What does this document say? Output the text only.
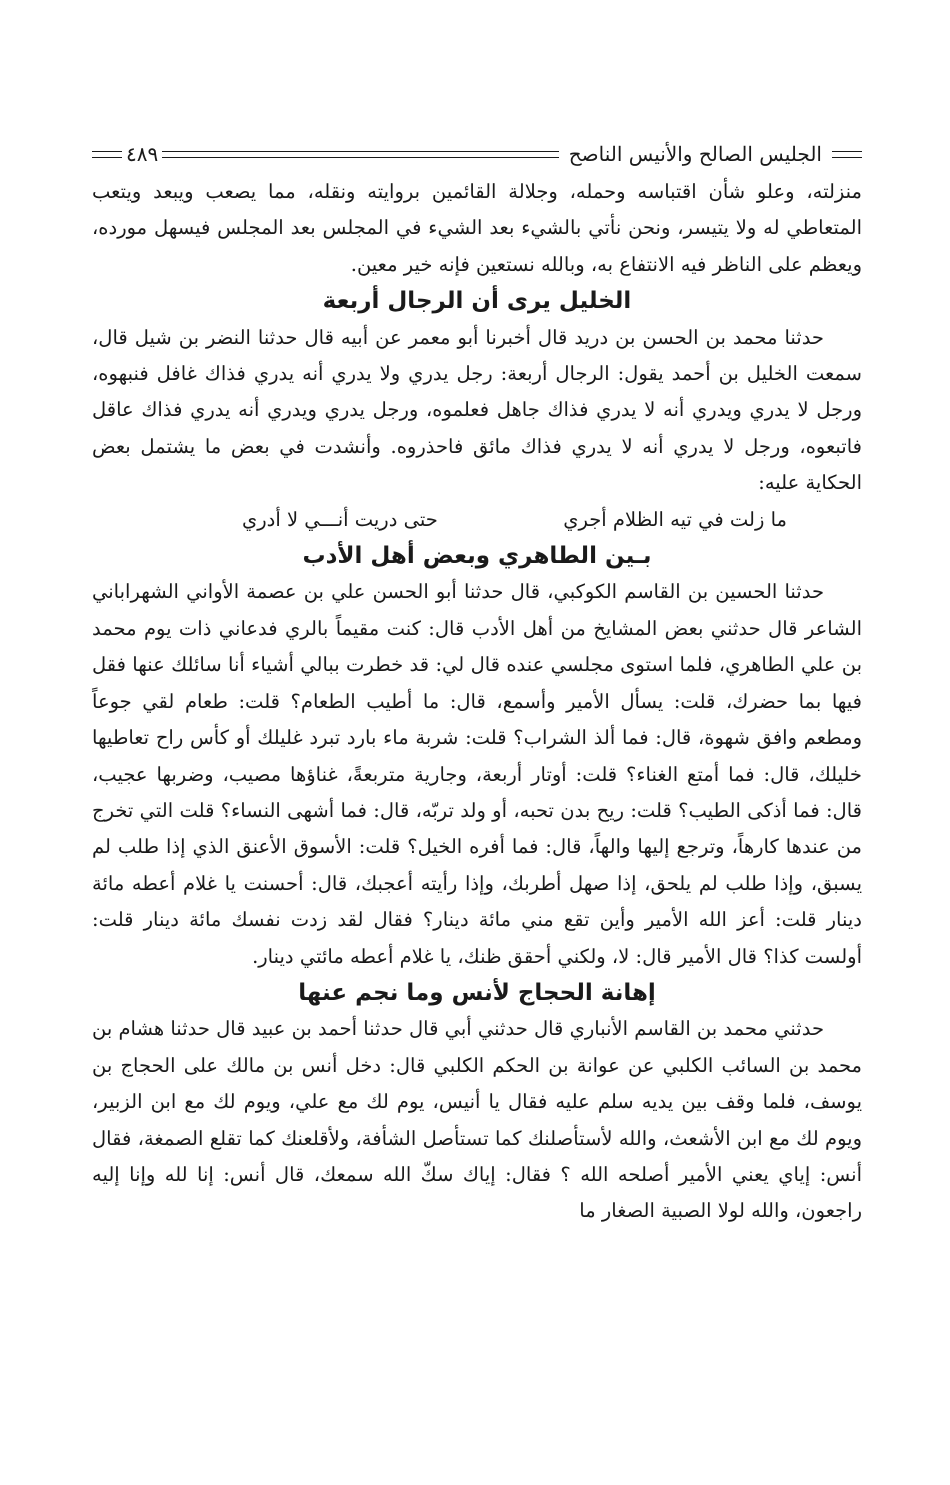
الجليس الصالح والأنيس الناصح
٤٨٩

منزلته، وعلو شأن اقتباسه وحمله، وجلالة القائمين بروايته ونقله، مما يصعب ويبعد ويتعب المتعاطي له ولا يتيسر، ونحن نأتي بالشيء بعد الشيء في المجلس بعد المجلس فيسهل مورده، ويعظم على الناظر فيه الانتفاع به، وبالله نستعين فإنه خير معين.

الخليل يرى أن الرجال أربعة

حدثنا محمد بن الحسن بن دريد قال أخبرنا أبو معمر عن أبيه قال حدثنا النضر بن شيل قال، سمعت الخليل بن أحمد يقول: الرجال أربعة: رجل يدري ولا يدري أنه يدري فذاك غافل فنبهوه، ورجل لا يدري ويدري أنه لا يدري فذاك جاهل فعلموه، ورجل يدري ويدري أنه يدري فذاك عاقل فاتبعوه، ورجل لا يدري أنه لا يدري فذاك مائق فاحذروه. وأنشدت في بعض ما يشتمل بعض الحكاية عليه:

ما زلت في تيه الظلام أجري
حتى دريت أنـــي لا أدري
بـين الطاهري وبعض أهل الأدب

حدثنا الحسين بن القاسم الكوكبي، قال حدثنا أبو الحسن علي بن عصمة الأواني الشهراباني الشاعر قال حدثني بعض المشايخ من أهل الأدب قال: كنت مقيماً بالري فدعاني ذات يوم محمد بن علي الطاهري، فلما استوى مجلسي عنده قال لي: قد خطرت ببالي أشياء أنا سائلك عنها فقل فيها بما حضرك، قلت: يسأل الأمير وأسمع، قال: ما أطيب الطعام؟ قلت: طعام لقي جوعاً ومطعم وافق شهوة، قال: فما ألذ الشراب؟ قلت: شربة ماء بارد تبرد غليلك أو كأس راح تعاطيها خليلك، قال: فما أمتع الغناء؟ قلت: أوتار أربعة، وجارية متربعةً، غناؤها مصيب، وضربها عجيب، قال: فما أذكى الطيب؟ قلت: ريح بدن تحبه، أو ولد تربّه، قال: فما أشهى النساء؟ قلت التي تخرج من عندها كارهاً، وترجع إليها والهاً، قال: فما أفره الخيل؟ قلت: الأسوق الأعنق الذي إذا طلب لم يسبق، وإذا طلب لم يلحق، إذا صهل أطربك، وإذا رأيته أعجبك، قال: أحسنت يا غلام أعطه مائة دينار قلت: أعز الله الأمير وأين تقع مني مائة دينار؟ فقال لقد زدت نفسك مائة دينار قلت: أولست كذا؟ قال الأمير قال: لا، ولكني أحقق ظنك، يا غلام أعطه مائتي دينار.

إهانة الحجاج لأنس وما نجم عنها

حدثني محمد بن القاسم الأنباري قال حدثني أبي قال حدثنا أحمد بن عبيد قال حدثنا هشام بن محمد بن السائب الكلبي عن عوانة بن الحكم الكلبي قال: دخل أنس بن مالك على الحجاج بن يوسف، فلما وقف بين يديه سلم عليه فقال يا أنيس، يوم لك مع علي، ويوم لك مع ابن الزبير، ويوم لك مع ابن الأشعث، والله لأستأصلنك كما تستأصل الشأفة، ولأقلعنك كما تقلع الصمغة، فقال أنس: إياي يعني الأمير أصلحه الله ؟ فقال: إياك سكّ الله سمعك، قال أنس: إنا لله وإنا إليه راجعون، والله لولا الصبية الصغار ما
